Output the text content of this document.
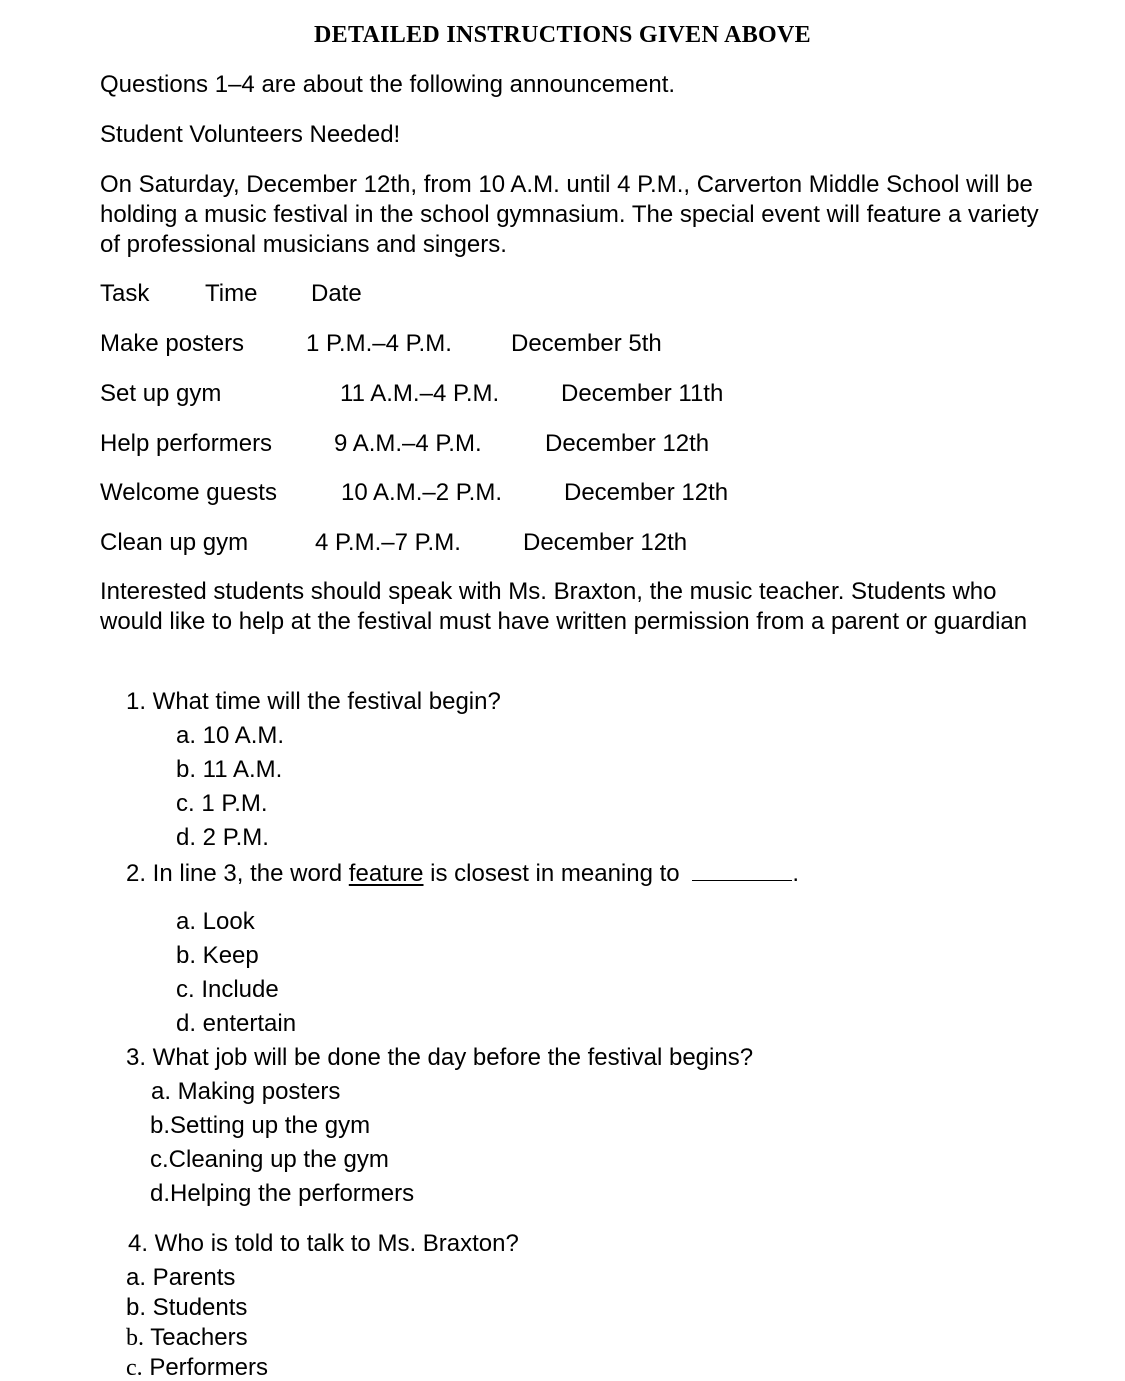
DETAILED INSTRUCTIONS GIVEN ABOVE
Questions 1–4 are about the following announcement.
Student Volunteers Needed!
On Saturday, December 12th, from 10 A.M. until 4 P.M., Carverton Middle School will be holding a music festival in the school gymnasium. The special event will feature a variety of professional musicians and singers.
Task Time Date
Make posters	1 P.M.–4 P.M. December 5th
Set up gym	11 A.M.–4 P.M.	December 11th
Help performers	9 A.M.–4 P.M.	December 12th
Welcome guests	10 A.M.–2 P.M.	December 12th
Clean up gym	4 P.M.–7 P.M.	December 12th
Interested students should speak with Ms. Braxton, the music teacher. Students who would like to help at the festival must have written permission from a parent or guardian
1. What time will the festival begin?
a. 10 A.M.
b. 11 A.M.
c. 1 P.M.
d. 2 P.M.
2. In line 3, the word feature is closest in meaning to	.
a. Look
b. Keep
c. Include
d. entertain
3. What job will be done the day before the festival begins?
a. Making posters
b.Setting up the gym
c.Cleaning up the gym
d.Helping the performers
4. Who is told to talk to Ms. Braxton?
a. Parents
b. Students
b. Teachers
c. Performers
